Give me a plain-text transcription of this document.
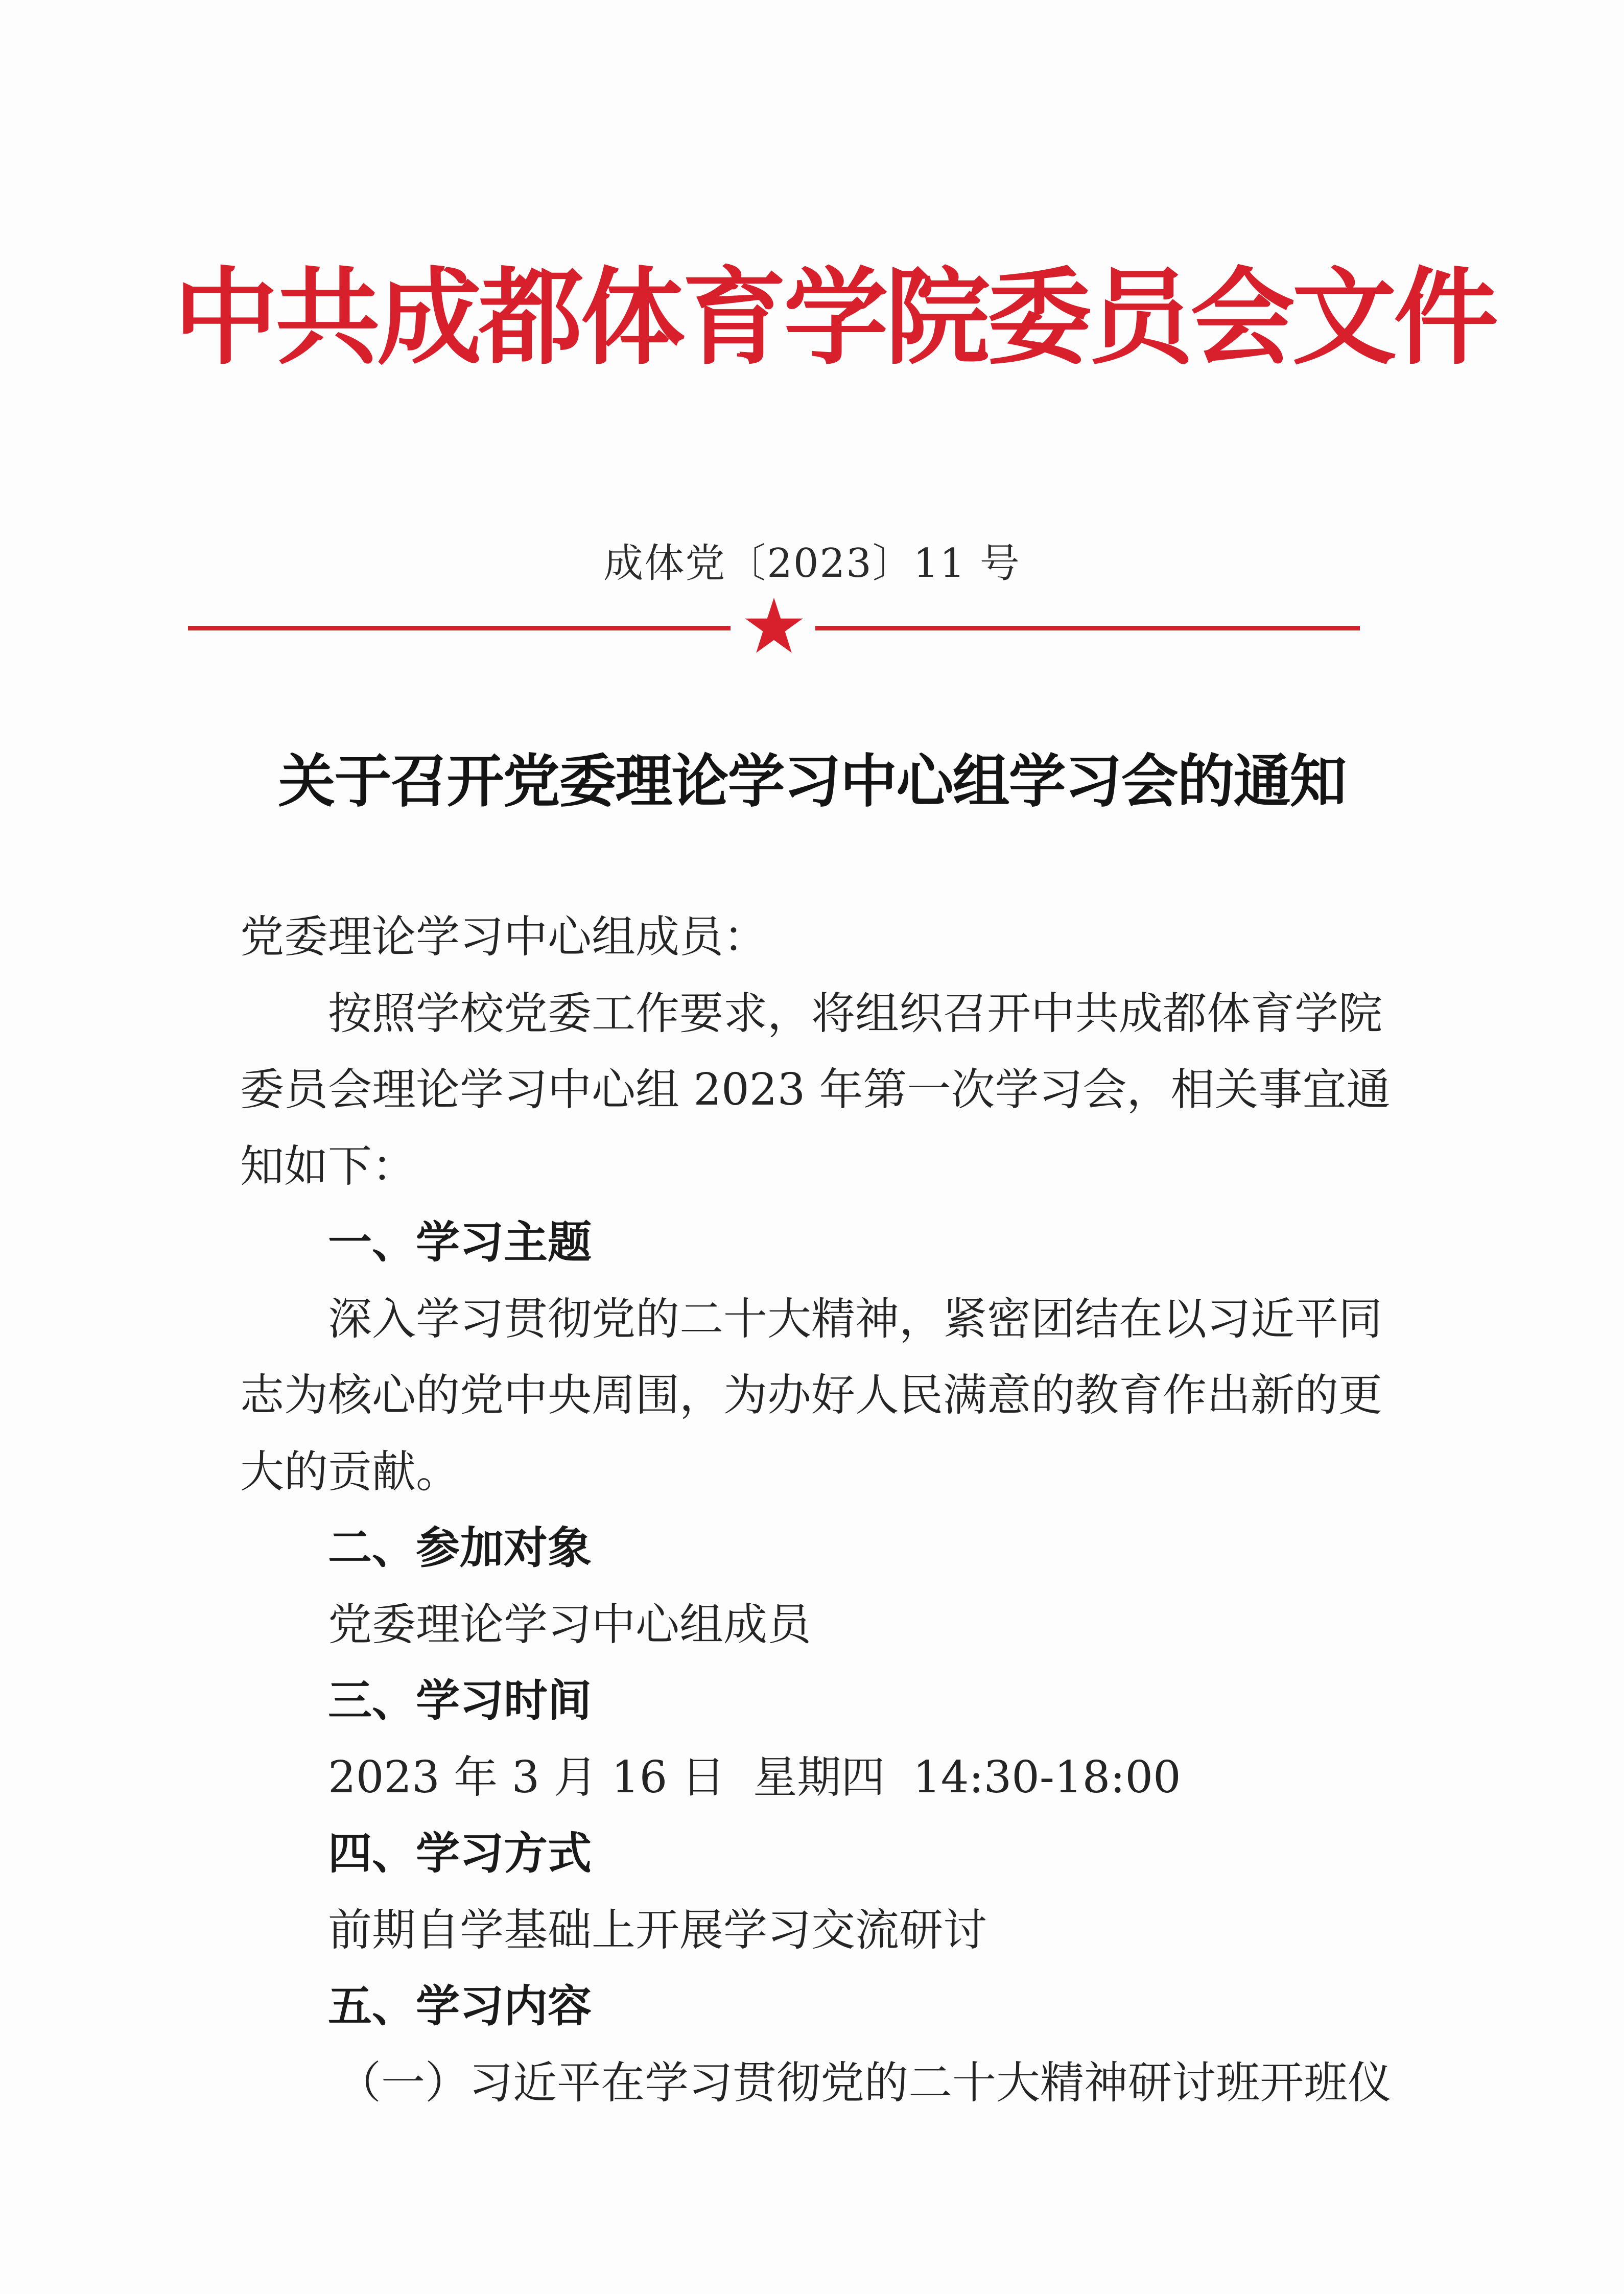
中共成都体育学院委员会文件
成体党〔2023〕11 号
关于召开党委理论学习中心组学习会的通知
党委理论学习中心组成员：
按照学校党委工作要求，将组织召开中共成都体育学院
委员会理论学习中心组 2023 年第一次学习会，相关事宜通
知如下：
一、学习主题
深入学习贯彻党的二十大精神，紧密团结在以习近平同
志为核心的党中央周围，为办好人民满意的教育作出新的更
大的贡献。
二、参加对象
党委理论学习中心组成员
三、学习时间
2023 年 3 月 16 日  星期四  14:30-18:00
四、学习方式
前期自学基础上开展学习交流研讨
五、学习内容
（一）习近平在学习贯彻党的二十大精神研讨班开班仪
